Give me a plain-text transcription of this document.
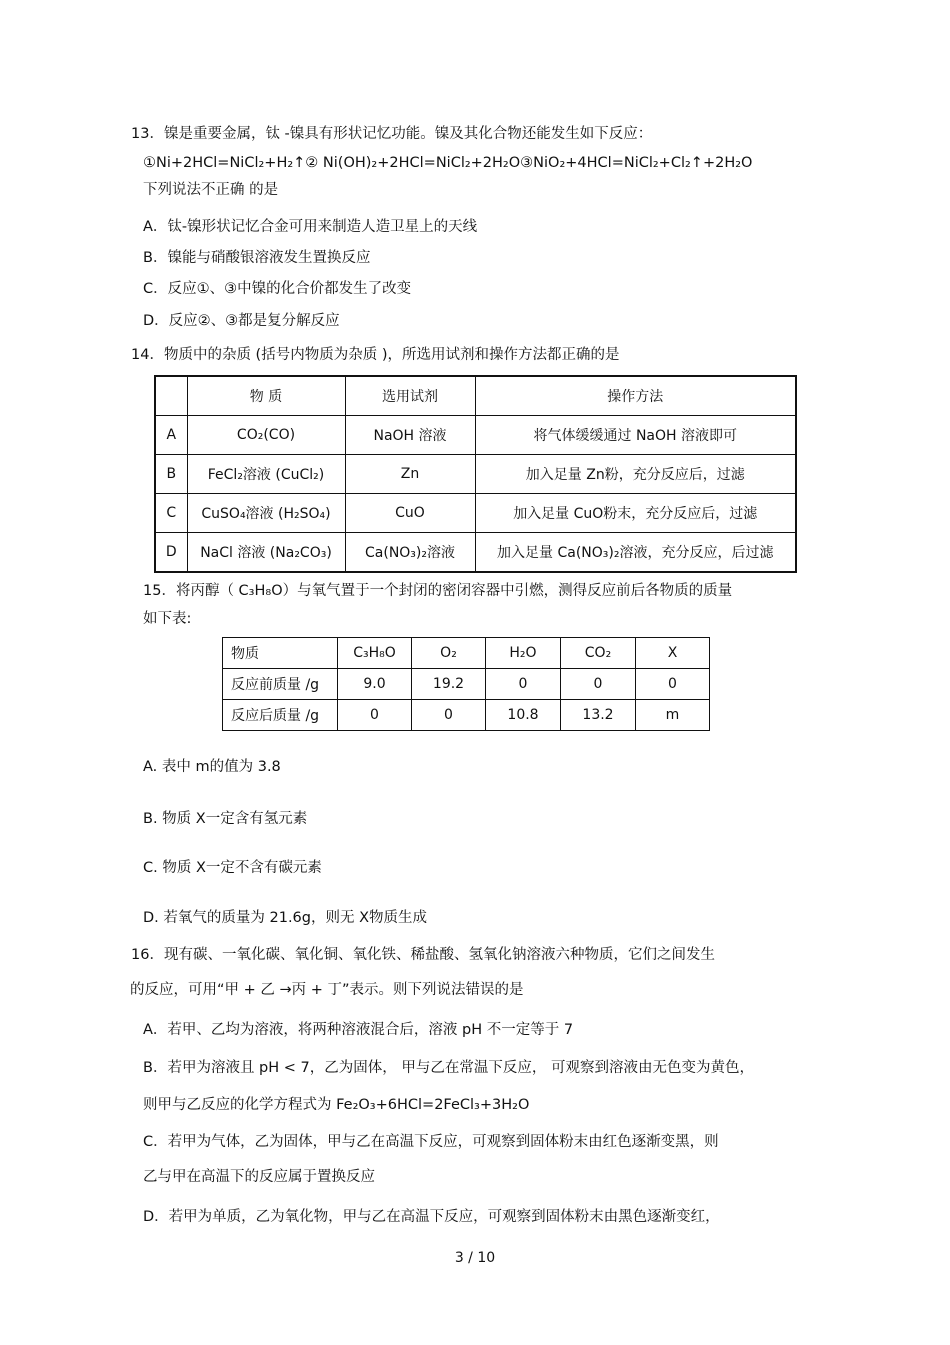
13．镍是重要金属，钛 -镍具有形状记忆功能。镍及其化合物还能发生如下反应：
①Ni+2HCl=NiCl₂+H₂↑② Ni(OH)₂+2HCl=NiCl₂+2H₂O③NiO₂+4HCl=NiCl₂+Cl₂↑+2H₂O
下列说法不正确 的是
A．钛-镍形状记忆合金可用来制造人造卫星上的天线
B．镍能与硝酸银溶液发生置换反应
C．反应①、③中镍的化合价都发生了改变
D．反应②、③都是复分解反应
14．物质中的杂质 (括号内物质为杂质 )，所选用试剂和操作方法都正确的是
	物 质	选用试剂	操作方法
A	CO₂(CO)	NaOH 溶液	将气体缓缓通过 NaOH 溶液即可
B	FeCl₂溶液 (CuCl₂)	Zn	加入足量 Zn粉，充分反应后，过滤
C	CuSO₄溶液 (H₂SO₄)	CuO	加入足量 CuO粉末，充分反应后，过滤
D	NaCl 溶液 (Na₂CO₃)	Ca(NO₃)₂溶液	加入足量 Ca(NO₃)₂溶液，充分反应，后过滤
15．将丙醇（ C₃H₈O）与氧气置于一个封闭的密闭容器中引燃，测得反应前后各物质的质量
如下表:
物质	C₃H₈O	O₂	H₂O	CO₂	X
反应前质量 /g	9.0	19.2	0	0	0
反应后质量 /g	0	0	10.8	13.2	m
A. 表中 m的值为 3.8
B. 物质 X一定含有氢元素
C. 物质 X一定不含有碳元素
D. 若氧气的质量为 21.6g，则无 X物质生成
16．现有碳、一氧化碳、氧化铜、氧化铁、稀盐酸、氢氧化钠溶液六种物质，它们之间发生
的反应，可用“甲 + 乙 →丙 + 丁”表示。则下列说法错误的是
A．若甲、乙均为溶液，将两种溶液混合后，溶液 pH 不一定等于 7
B．若甲为溶液且 pH < 7，乙为固体， 甲与乙在常温下反应， 可观察到溶液由无色变为黄色，
则甲与乙反应的化学方程式为 Fe₂O₃+6HCl=2FeCl₃+3H₂O
C．若甲为气体，乙为固体，甲与乙在高温下反应，可观察到固体粉末由红色逐渐变黑，则
乙与甲在高温下的反应属于置换反应
D．若甲为单质，乙为氧化物，甲与乙在高温下反应，可观察到固体粉末由黑色逐渐变红，
3 / 10
